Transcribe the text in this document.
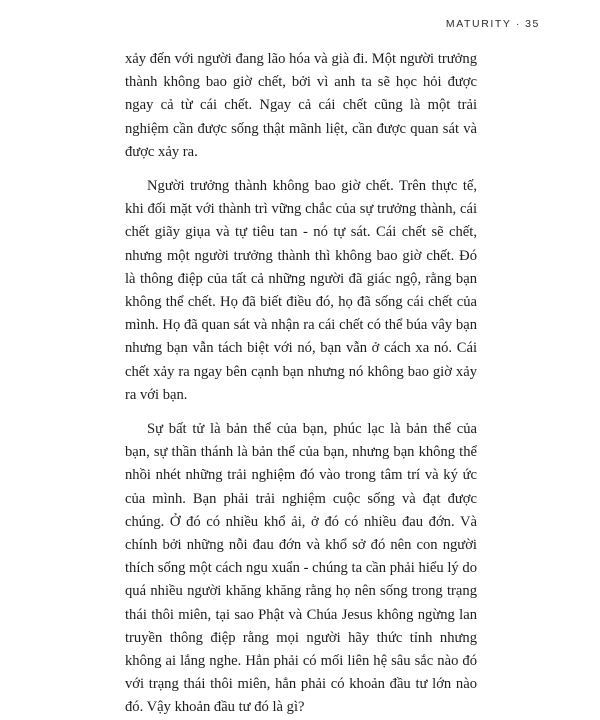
MATURITY · 35

xảy đến với người đang lão hóa và già đi. Một người trưởng thành không bao giờ chết, bởi vì anh ta sẽ học hỏi được ngay cả từ cái chết. Ngay cả cái chết cũng là một trải nghiệm cần được sống thật mãnh liệt, cần được quan sát và được xảy ra.

Người trưởng thành không bao giờ chết. Trên thực tế, khi đối mặt với thành trì vững chắc của sự trưởng thành, cái chết giãy giụa và tự tiêu tan - nó tự sát. Cái chết sẽ chết, nhưng một người trưởng thành thì không bao giờ chết. Đó là thông điệp của tất cả những người đã giác ngộ, rằng bạn không thể chết. Họ đã biết điều đó, họ đã sống cái chết của mình. Họ đã quan sát và nhận ra cái chết có thể búa vây bạn nhưng bạn vẫn tách biệt với nó, bạn vẫn ở cách xa nó. Cái chết xảy ra ngay bên cạnh bạn nhưng nó không bao giờ xảy ra với bạn.

Sự bất tử là bản thể của bạn, phúc lạc là bản thể của bạn, sự thần thánh là bản thể của bạn, nhưng bạn không thể nhồi nhét những trải nghiệm đó vào trong tâm trí và ký ức của mình. Bạn phải trải nghiệm cuộc sống và đạt được chúng. Ở đó có nhiều khổ ải, ở đó có nhiều đau đớn. Và chính bởi những nỗi đau đớn và khổ sở đó nên con người thích sống một cách ngu xuẩn - chúng ta cần phải hiểu lý do quá nhiều người khăng khăng rằng họ nên sống trong trạng thái thôi miên, tại sao Phật và Chúa Jesus không ngừng lan truyền thông điệp rằng mọi người hãy thức tỉnh nhưng không ai lắng nghe. Hẳn phải có mối liên hệ sâu sắc nào đó với trạng thái thôi miên, hẳn phải có khoản đầu tư lớn nào đó. Vậy khoản đầu tư đó là gì?
